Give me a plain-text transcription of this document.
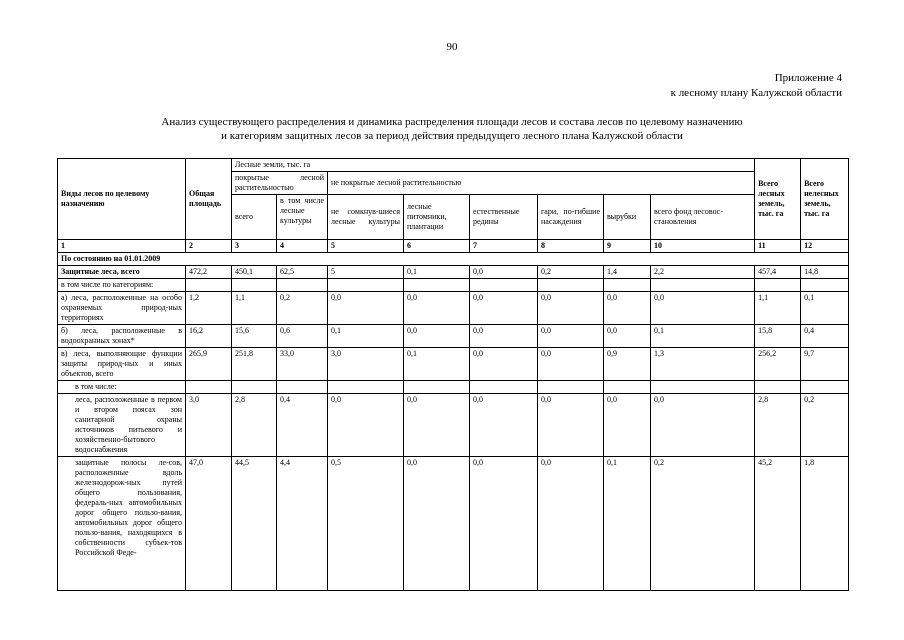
90
Приложение 4
к лесному плану Калужской области
Анализ существующего распределения и динамика распределения площади лесов и состава лесов по целевому назначению
и категориям защитных лесов за период действия предыдущего лесного плана Калужской области
Виды лесов по целевому назначению	Общая площадь	Лесные земли, тыс. га								Всего лесных земель, тыс. га	Всего нелесных земель, тыс. га
		покрытые лесной растительностью		не покрытые лесной растительностью							
		всего	в том числе лесные культуры	не сомкнув-шиеся лесные культуры	лесные питомники, плантации	естественные редины	гари, по-гибшие насаждения	вырубки	всего фонд лесовос-становления		
1	2	3	4	5	6	7	8	9	10	11	12
По состоянию на 01.01.2009											
Защитные леса, всего	472,2	450,1	62,5	5	0,1	0,0	0,2	1,4	2,2	457,4	14,8
в том числе по категориям:											
а) леса, расположенные на особо охраняемых природ-ных территориях	1,2	1,1	0,2	0,0	0,0	0,0	0,0	0,0	0,0	1,1	0,1
б) леса, расположенные в водоохранных зонах*	16,2	15,6	0,6	0,1	0,0	0,0	0,0	0,0	0,1	15,8	0,4
в) леса, выполняющие функции защиты природ-ных и иных объектов, всего	265,9	251,8	33,0	3,0	0,1	0,0	0,0	0,9	1,3	256,2	9,7
в том числе:											
леса, расположенные в первом и втором поясах зон санитарной охраны источников питьевого и хозяйственно-бытового водоснабжения	3,0	2,8	0,4	0,0	0,0	0,0	0,0	0,0	0,0	2,8	0,2
защитные полосы ле-сов, расположенные вдоль железнодорож-ных путей общего пользования, федераль-ных автомобильных дорог общего пользо-вания, автомобильных дорог общего пользо-вания, находящихся в собственности субъек-тов Российской Феде-	47,0	44,5	4,4	0,5	0,0	0,0	0,0	0,1	0,2	45,2	1,8
